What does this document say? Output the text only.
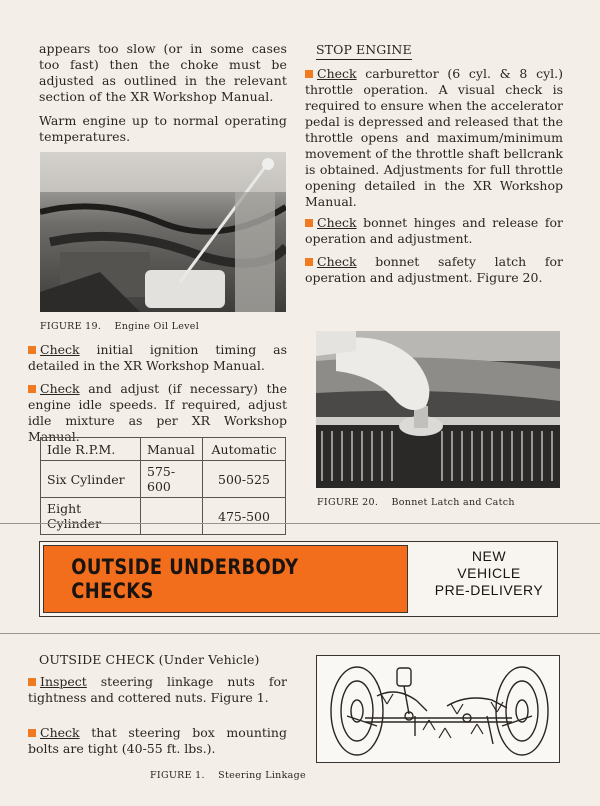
appears too slow (or in some cases too fast) then the choke must be adjusted as outlined in the relevant section of the XR Workshop Manual.

Warm engine up to normal operating temperatures.

FIGURE 19. Engine Oil Level
Check initial ignition timing as detailed in the XR Workshop Manual.
Check and adjust (if necessary) the engine idle speeds. If required, adjust idle mixture as per XR Workshop Manual.
Idle R.P.M.	Manual	Automatic
Six Cylinder	575-600	500-525
Eight Cylinder		475-500
STOP ENGINE
Check carburettor (6 cyl. & 8 cyl.) throttle operation. A visual check is required to ensure when the accelerator pedal is depressed and released that the throttle opens and maximum/minimum movement of the throttle shaft bellcrank is obtained. Adjustments for full throttle opening detailed in the XR Workshop Manual.
Check bonnet hinges and release for operation and adjustment.
Check bonnet safety latch for operation and adjustment. Figure 20.
FIGURE 20. Bonnet Latch and Catch
OUTSIDE UNDERBODY CHECKS
NEW
VEHICLE
PRE-DELIVERY
OUTSIDE CHECK (Under Vehicle)
Inspect steering linkage nuts for tightness and cottered nuts. Figure 1.
Check that steering box mounting bolts are tight (40-55 ft. lbs.).
FIGURE 1. Steering Linkage
